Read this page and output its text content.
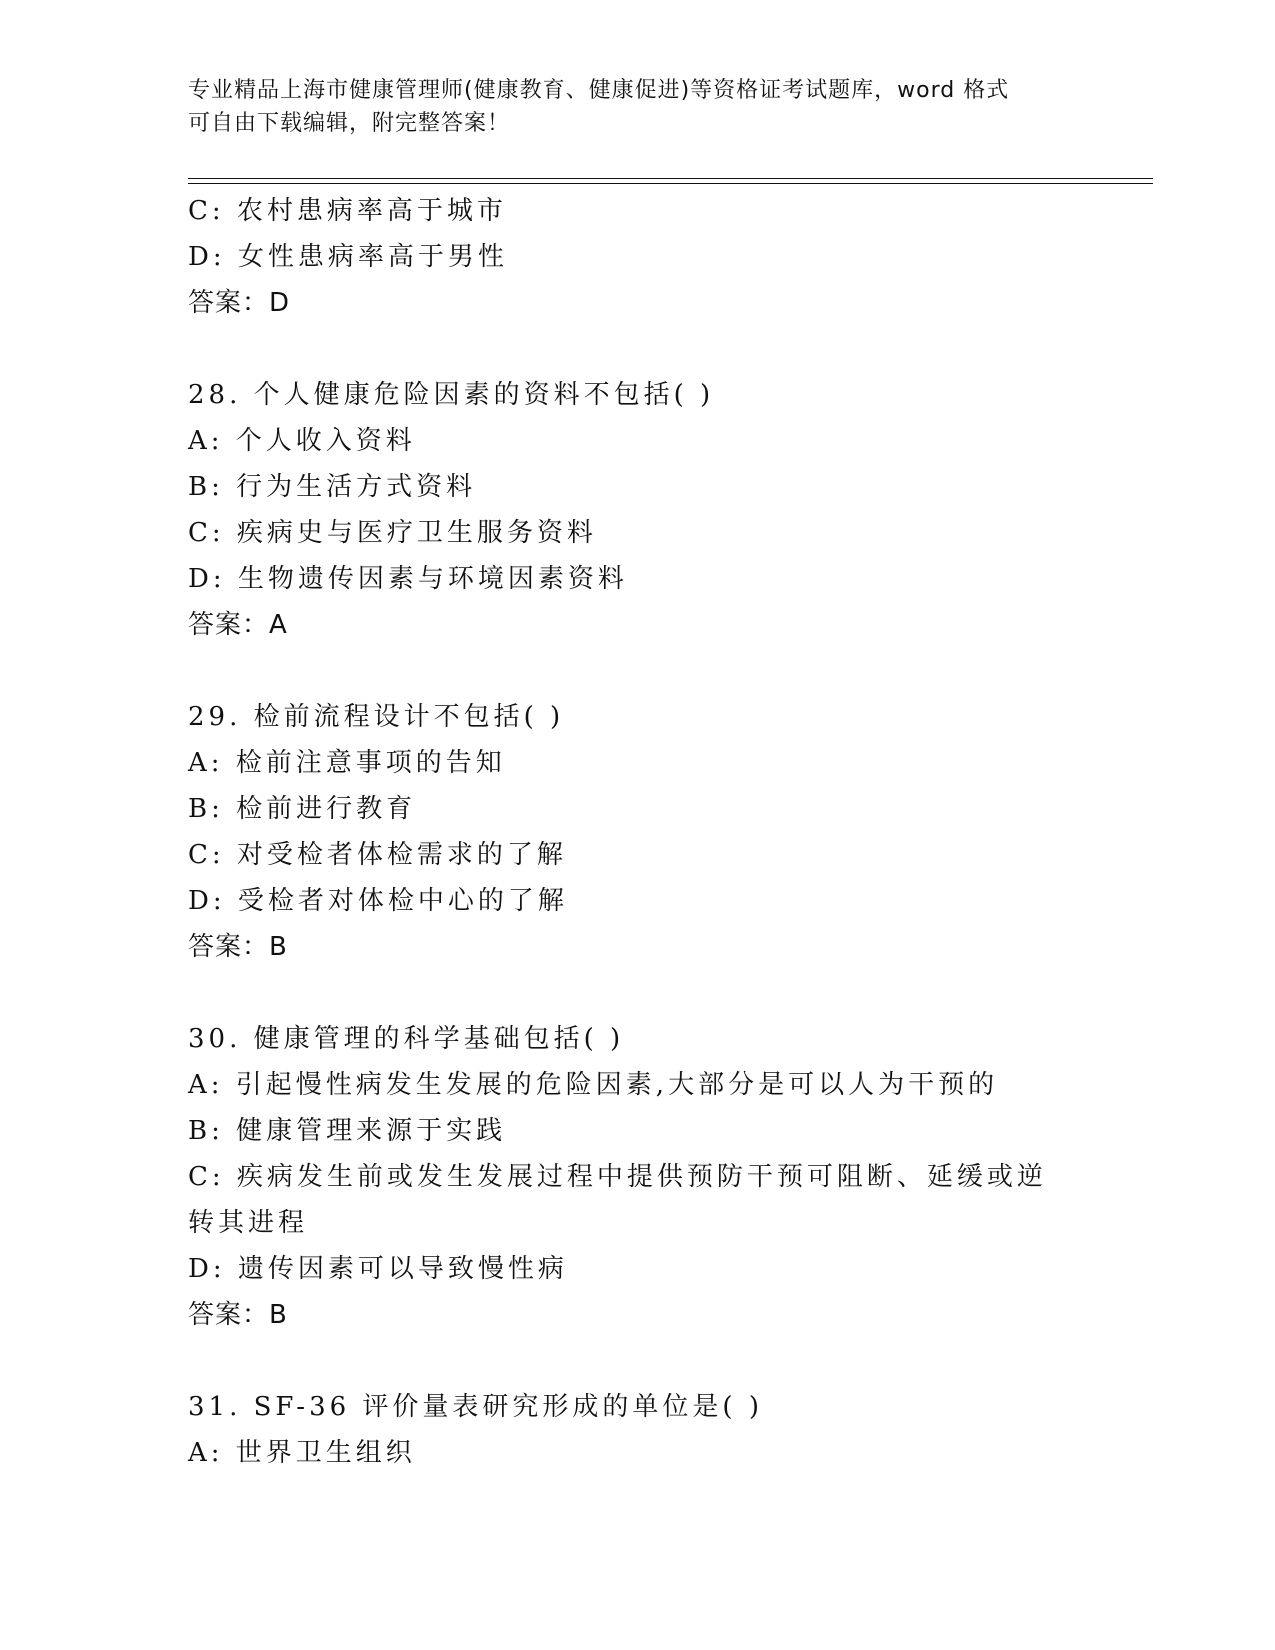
专业精品上海市健康管理师(健康教育、健康促进)等资格证考试题库，word 格式
可自由下载编辑，附完整答案！
C: 农村患病率高于城市
D: 女性患病率高于男性
答案：D
28. 个人健康危险因素的资料不包括( )
A: 个人收入资料
B: 行为生活方式资料
C: 疾病史与医疗卫生服务资料
D: 生物遗传因素与环境因素资料
答案：A
29. 检前流程设计不包括( )
A: 检前注意事项的告知
B: 检前进行教育
C: 对受检者体检需求的了解
D: 受检者对体检中心的了解
答案：B
30. 健康管理的科学基础包括( )
A: 引起慢性病发生发展的危险因素,大部分是可以人为干预的
B: 健康管理来源于实践
C: 疾病发生前或发生发展过程中提供预防干预可阻断、延缓或逆转其进程
D: 遗传因素可以导致慢性病
答案：B
31. SF-36 评价量表研究形成的单位是( )
A: 世界卫生组织
